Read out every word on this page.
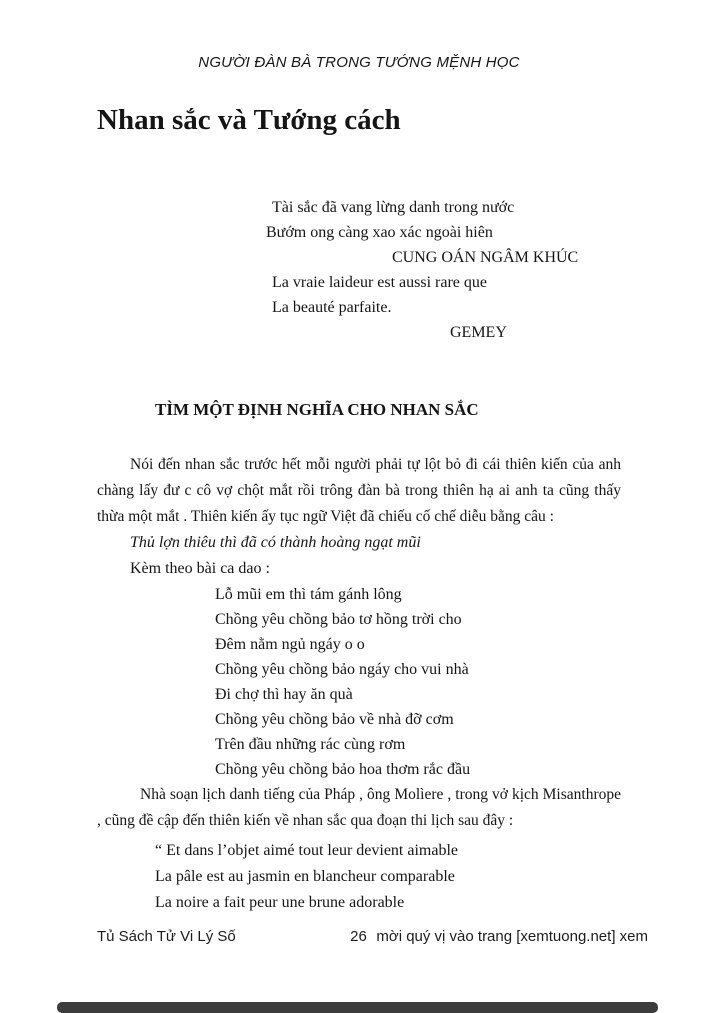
NGƯỜI ĐÀN BÀ TRONG TƯỚNG MỆNH HỌC
Nhan sắc và Tướng cách
Tài sắc đã vang lừng danh trong nước
Bướm ong càng xao xác ngoài hiên
CUNG OÁN NGÂM KHÚC
La vraie laideur est aussi rare que
La beauté parfaite.
GEMEY
TÌM MỘT ĐỊNH NGHĨA CHO NHAN SẮC

Nói đến nhan sắc trước hết mỗi người phải tự lột bỏ đi cái thiên kiến của anh chàng lấy đư c cô vợ chột mắt rồi trông đàn bà trong thiên hạ ai anh ta cũng thấy thừa một mắt . Thiên kiến ấy tục ngữ Việt đã chiếu cố chế diễu bằng câu :

Thủ lợn thiêu thì đã có thành hoàng ngạt mũi
Kèm theo bài ca dao :
Lỗ mũi em thì tám gánh lông
Chồng yêu chồng bảo tơ hồng trời cho
Đêm nằm ngủ ngáy o o
Chồng yêu chồng bảo ngáy cho vui nhà
Đi chợ thì hay ăn quà
Chồng yêu chồng bảo về nhà đỡ cơm
Trên đầu những rác cùng rơm
Chồng yêu chồng bảo hoa thơm rắc đầu

Nhà soạn lịch danh tiếng của Pháp , ông Molìere , trong vở kịch Misanthrope , cũng đề cập đến thiên kiến về nhan sắc qua đoạn thi lịch sau đây :

“ Et dans l’objet aimé tout leur devient aimable
La pâle est au jasmin en blancheur comparable
La noire a fait peur une brune adorable
Tủ Sách Tử Vi Lý Số	26 mời quý vị vào trang [xemtuong.net] xem
